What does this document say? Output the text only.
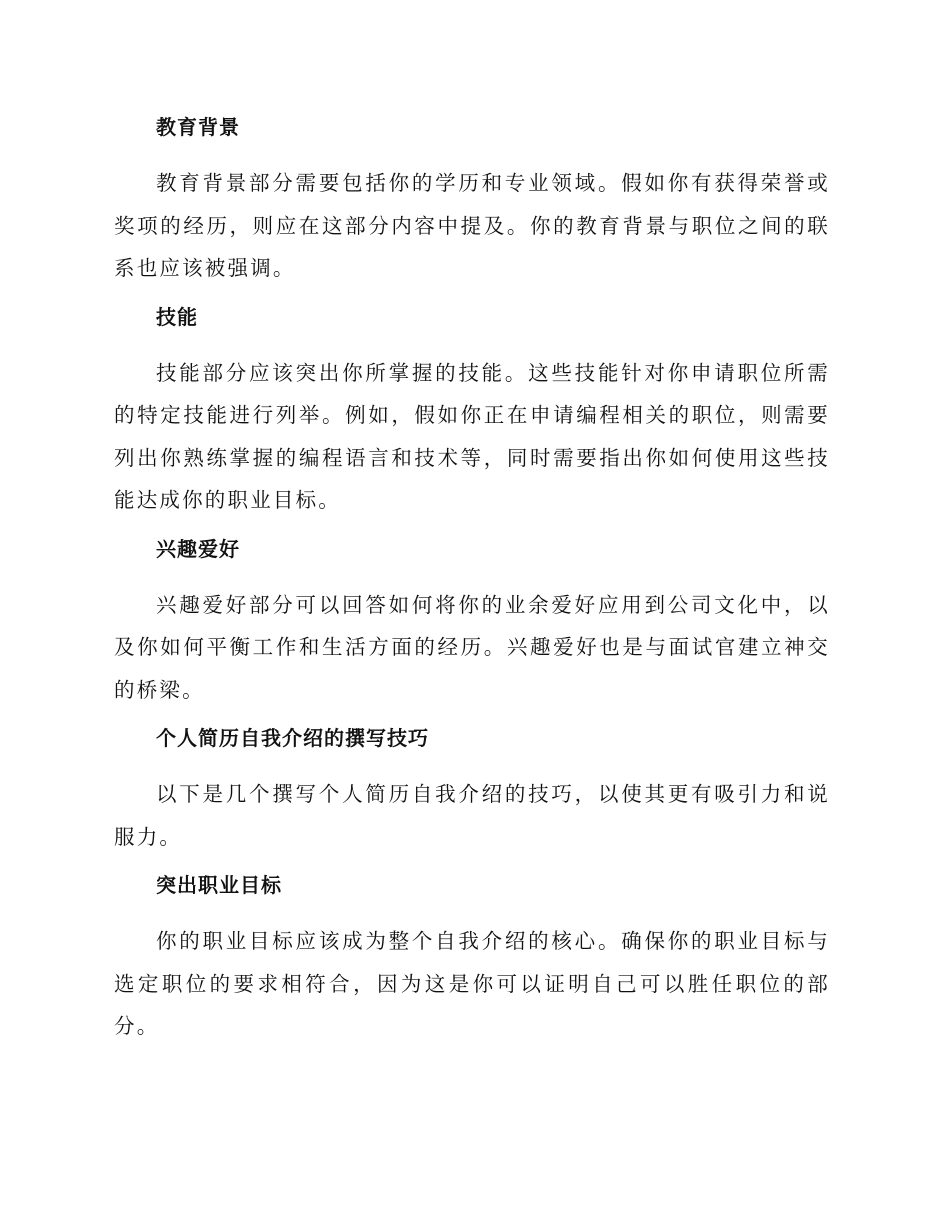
教育背景

教育背景部分需要包括你的学历和专业领域。假如你有获得荣誉或奖项的经历，则应在这部分内容中提及。你的教育背景与职位之间的联系也应该被强调。

技能

技能部分应该突出你所掌握的技能。这些技能针对你申请职位所需的特定技能进行列举。例如，假如你正在申请编程相关的职位，则需要列出你熟练掌握的编程语言和技术等，同时需要指出你如何使用这些技能达成你的职业目标。

兴趣爱好

兴趣爱好部分可以回答如何将你的业余爱好应用到公司文化中，以及你如何平衡工作和生活方面的经历。兴趣爱好也是与面试官建立神交的桥梁。

个人简历自我介绍的撰写技巧

以下是几个撰写个人简历自我介绍的技巧，以使其更有吸引力和说服力。

突出职业目标

你的职业目标应该成为整个自我介绍的核心。确保你的职业目标与选定职位的要求相符合，因为这是你可以证明自己可以胜任职位的部分。
